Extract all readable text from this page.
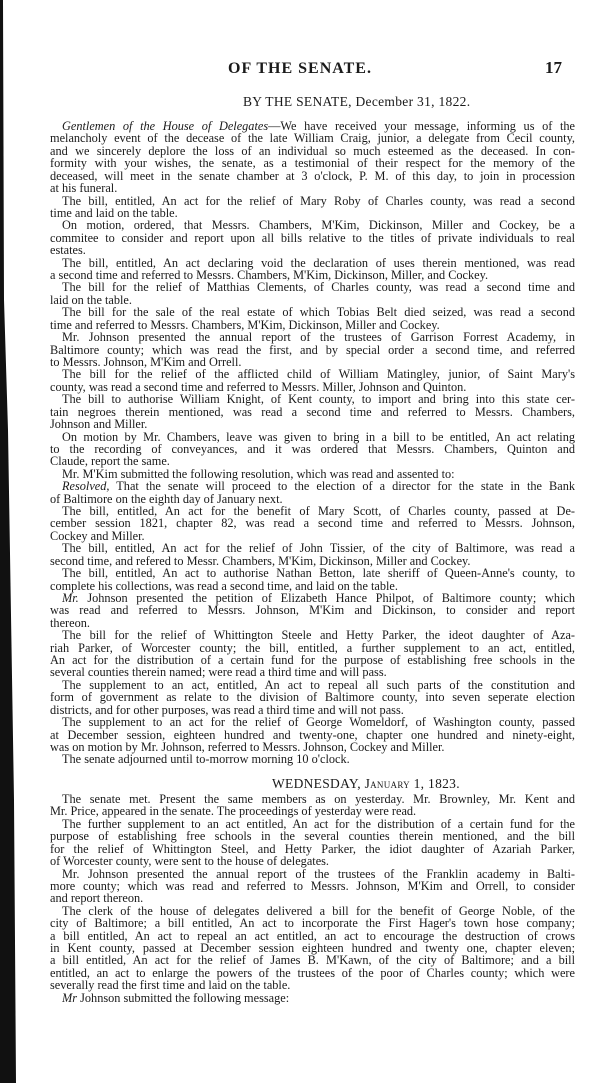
OF THE SENATE.	17
BY THE SENATE, December 31, 1822.
WEDNESDAY, January 1, 1823.
Gentlemen of the House of Delegates—We have received your message, informing us of the
melancholy event of the decease of the late William Craig, junior, a delegate from Cecil county,
and we sincerely deplore the loss of an individual so much esteemed as the deceased. In con-
formity with your wishes, the senate, as a testimonial of their respect for the memory of the
deceased, will meet in the senate chamber at 3 o'clock, P. M. of this day, to join in procession
at his funeral.
The bill, entitled, An act for the relief of Mary Roby of Charles county, was read a second
time and laid on the table.
On motion, ordered, that Messrs. Chambers, M'Kim, Dickinson, Miller and Cockey, be a
commitee to consider and report upon all bills relative to the titles of private individuals to real
estates.
The bill, entitled, An act declaring void the declaration of uses therein mentioned, was read
a second time and referred to Messrs. Chambers, M'Kim, Dickinson, Miller, and Cockey.
The bill for the relief of Matthias Clements, of Charles county, was read a second time and
laid on the table.
The bill for the sale of the real estate of which Tobias Belt died seized, was read a second
time and referred to Messrs. Chambers, M'Kim, Dickinson, Miller and Cockey.
Mr. Johnson presented the annual report of the trustees of Garrison Forrest Academy, in
Baltimore county; which was read the first, and by special order a second time, and referred
to Messrs. Johnson, M'Kim and Orrell.
The bill for the relief of the afflicted child of William Matingley, junior, of Saint Mary's
county, was read a second time and referred to Messrs. Miller, Johnson and Quinton.
The bill to authorise William Knight, of Kent county, to import and bring into this state cer-
tain negroes therein mentioned, was read a second time and referred to Messrs. Chambers,
Johnson and Miller.
On motion by Mr. Chambers, leave was given to bring in a bill to be entitled, An act relating
to the recording of conveyances, and it was ordered that Messrs. Chambers, Quinton and
Claude, report the same.
Mr. M'Kim submitted the following resolution, which was read and assented to:
Resolved, That the senate will proceed to the election of a director for the state in the Bank
of Baltimore on the eighth day of January next.
The bill, entitled, An act for the benefit of Mary Scott, of Charles county, passed at De-
cember session 1821, chapter 82, was read a second time and referred to Messrs. Johnson,
Cockey and Miller.
The bill, entitled, An act for the relief of John Tissier, of the city of Baltimore, was read a
second time, and refered to Messr. Chambers, M'Kim, Dickinson, Miller and Cockey.
The bill, entitled, An act to authorise Nathan Betton, late sheriff of Queen-Anne's county, to
complete his collections, was read a second time, and laid on the table.
Mr. Johnson presented the petition of Elizabeth Hance Philpot, of Baltimore county; which
was read and referred to Messrs. Johnson, M'Kim and Dickinson, to consider and report
thereon.
The bill for the relief of Whittington Steele and Hetty Parker, the ideot daughter of Aza-
riah Parker, of Worcester county; the bill, entitled, a further supplement to an act, entitled,
An act for the distribution of a certain fund for the purpose of establishing free schools in the
several counties therein named; were read a third time and will pass.
The supplement to an act, entitled, An act to repeal all such parts of the constitution and
form of government as relate to the division of Baltimore county, into seven seperate election
districts, and for other purposes, was read a third time and will not pass.
The supplement to an act for the relief of George Womeldorf, of Washington county, passed
at December session, eighteen hundred and twenty-one, chapter one hundred and ninety-eight,
was on motion by Mr. Johnson, referred to Messrs. Johnson, Cockey and Miller.
The senate adjourned until to-morrow morning 10 o'clock.
The senate met. Present the same members as on yesterday. Mr. Brownley, Mr. Kent and
Mr. Price, appeared in the senate. The proceedings of yesterday were read.
The further supplement to an act entitled, An act for the distribution of a certain fund for the
purpose of establishing free schools in the several counties therein mentioned, and the bill
for the relief of Whittington Steel, and Hetty Parker, the idiot daughter of Azariah Parker,
of Worcester county, were sent to the house of delegates.
Mr. Johnson presented the annual report of the trustees of the Franklin academy in Balti-
more county; which was read and referred to Messrs. Johnson, M'Kim and Orrell, to consider
and report thereon.
The clerk of the house of delegates delivered a bill for the benefit of George Noble, of the
city of Baltimore; a bill entitled, An act to incorporate the First Hager's town hose company;
a bill entitled, An act to repeal an act entitled, an act to encourage the destruction of crows
in Kent county, passed at December session eighteen hundred and twenty one, chapter eleven;
a bill entitled, An act for the relief of James B. M'Kawn, of the city of Baltimore; and a bill
entitled, an act to enlarge the powers of the trustees of the poor of Charles county; which were
severally read the first time and laid on the table.
Mr Johnson submitted the following message:
